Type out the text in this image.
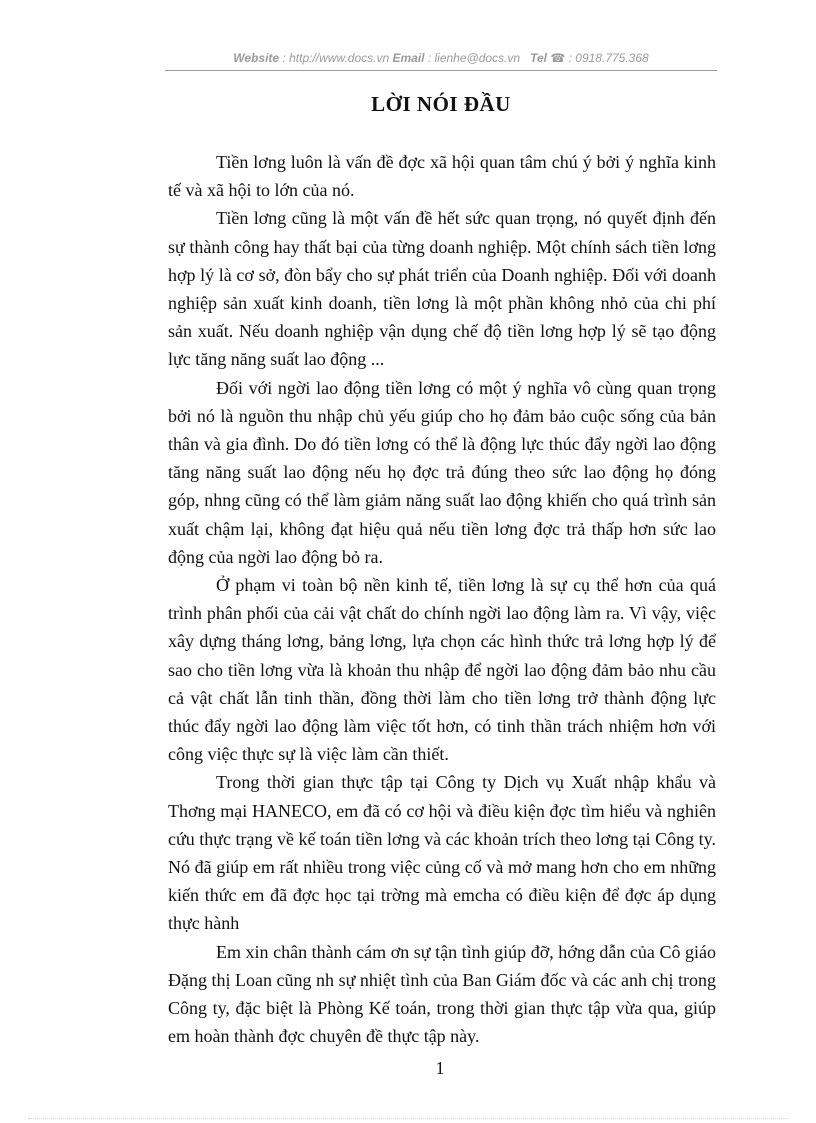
Website : http://www.docs.vn Email : lienhe@docs.vn   Tel ☎ : 0918.775.368
LỜI NÓI ĐẦU

Tiền lơng luôn là vấn đề đợc xã hội quan tâm chú ý bởi ý nghĩa kinh tế và xã hội to lớn của nó.

Tiền lơng cũng là một vấn đề hết sức quan trọng, nó quyết định đến sự thành công hay thất bại của từng doanh nghiệp. Một chính sách tiền lơng hợp lý là cơ sở, đòn bẩy cho sự phát triển của Doanh nghiệp. Đối với doanh nghiệp sản xuất kinh doanh, tiền lơng là một phần không nhỏ của chi phí sản xuất. Nếu doanh nghiệp vận dụng chế độ tiền lơng hợp lý sẽ tạo động lực tăng năng suất lao động ...

Đối với ngời lao động tiền lơng có một ý nghĩa vô cùng quan trọng bởi nó là nguồn thu nhập chủ yếu giúp cho họ đảm bảo cuộc sống của bản thân và gia đình. Do đó tiền lơng có thể là động lực thúc đẩy ngời lao động tăng năng suất lao động nếu họ đợc trả đúng theo sức lao động họ đóng góp, nhng cũng có thể làm giảm năng suất lao động khiến cho quá trình sản xuất chậm lại, không đạt hiệu quả nếu tiền lơng đợc trả thấp hơn sức lao động của ngời lao động bỏ ra.

Ở phạm vi toàn bộ nền kinh tế, tiền lơng là sự cụ thể hơn của quá trình phân phối của cải vật chất do chính ngời lao động làm ra. Vì vậy, việc xây dựng tháng lơng, bảng lơng, lựa chọn các hình thức trả lơng hợp lý để sao cho tiền lơng vừa là khoản thu nhập để ngời lao động đảm bảo nhu cầu cả vật chất lẫn tinh thần, đồng thời làm cho tiền lơng trở thành động lực thúc đẩy ngời lao động làm việc tốt hơn, có tinh thần trách nhiệm hơn với công việc thực sự là việc làm cần thiết.

Trong thời gian thực tập tại Công ty Dịch vụ Xuất nhập khẩu và Thơng mại HANECO, em đã có cơ hội và điều kiện đợc tìm hiểu và nghiên cứu thực trạng về kế toán tiền lơng và các khoản trích theo lơng tại Công ty. Nó đã giúp em rất nhiều trong việc củng cố và mở mang hơn cho em những kiến thức em đã đợc học tại trờng mà emcha có điều kiện để đợc áp dụng thực hành

Em xin chân thành cám ơn sự tận tình giúp đỡ, hớng dẫn của Cô giáo Đặng thị Loan cũng nh sự nhiệt tình của Ban Giám đốc và các anh chị trong Công ty, đặc biệt là Phòng Kế toán, trong thời gian thực tập vừa qua, giúp em hoàn thành đợc chuyên đề thực tập này.

1
